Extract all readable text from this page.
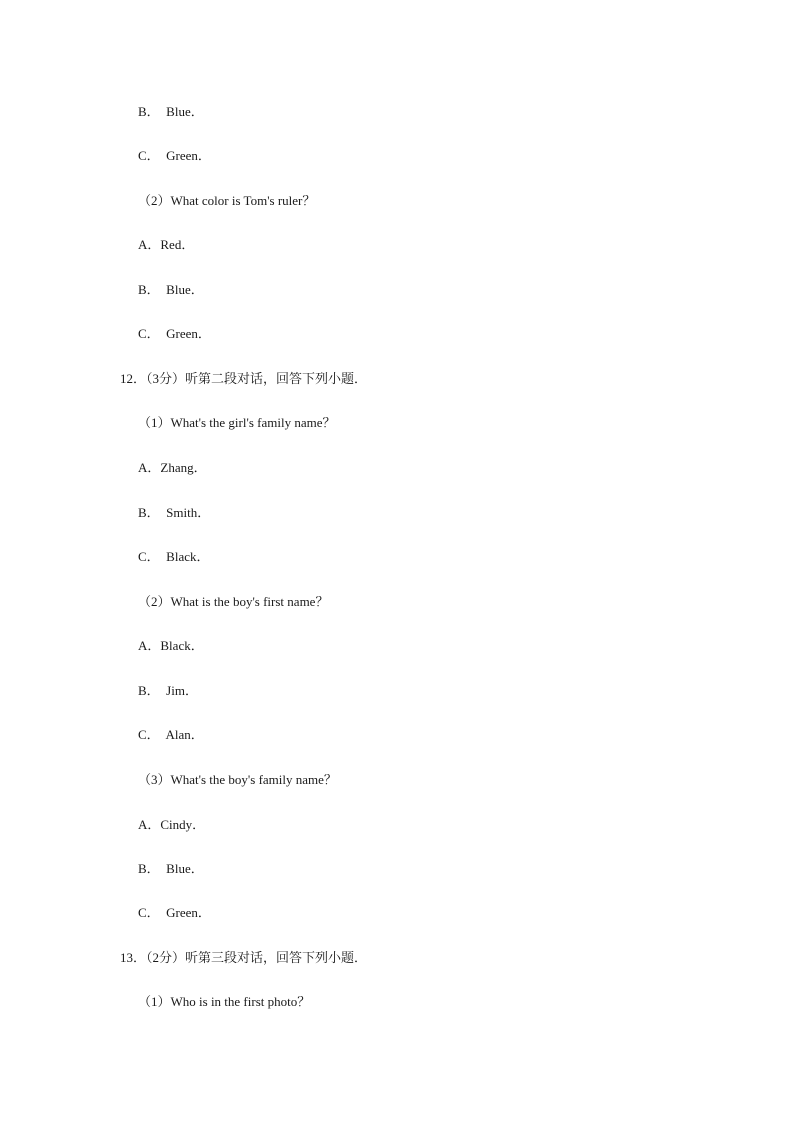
B．  Blue．

C．  Green．

（2）What color is Tom's ruler？

A．Red．

B．  Blue．

C．  Green．

12．（3分）听第二段对话，回答下列小题．

（1）What's the girl's family name？

A．Zhang．

B．  Smith．

C．  Black．

（2）What is the boy's first name？

A．Black．

B．  Jim．

C．  Alan．

（3）What's the boy's family name？

A．Cindy．

B．  Blue．

C．  Green．

13．（2分）听第三段对话，回答下列小题．

（1）Who is in the first photo？
